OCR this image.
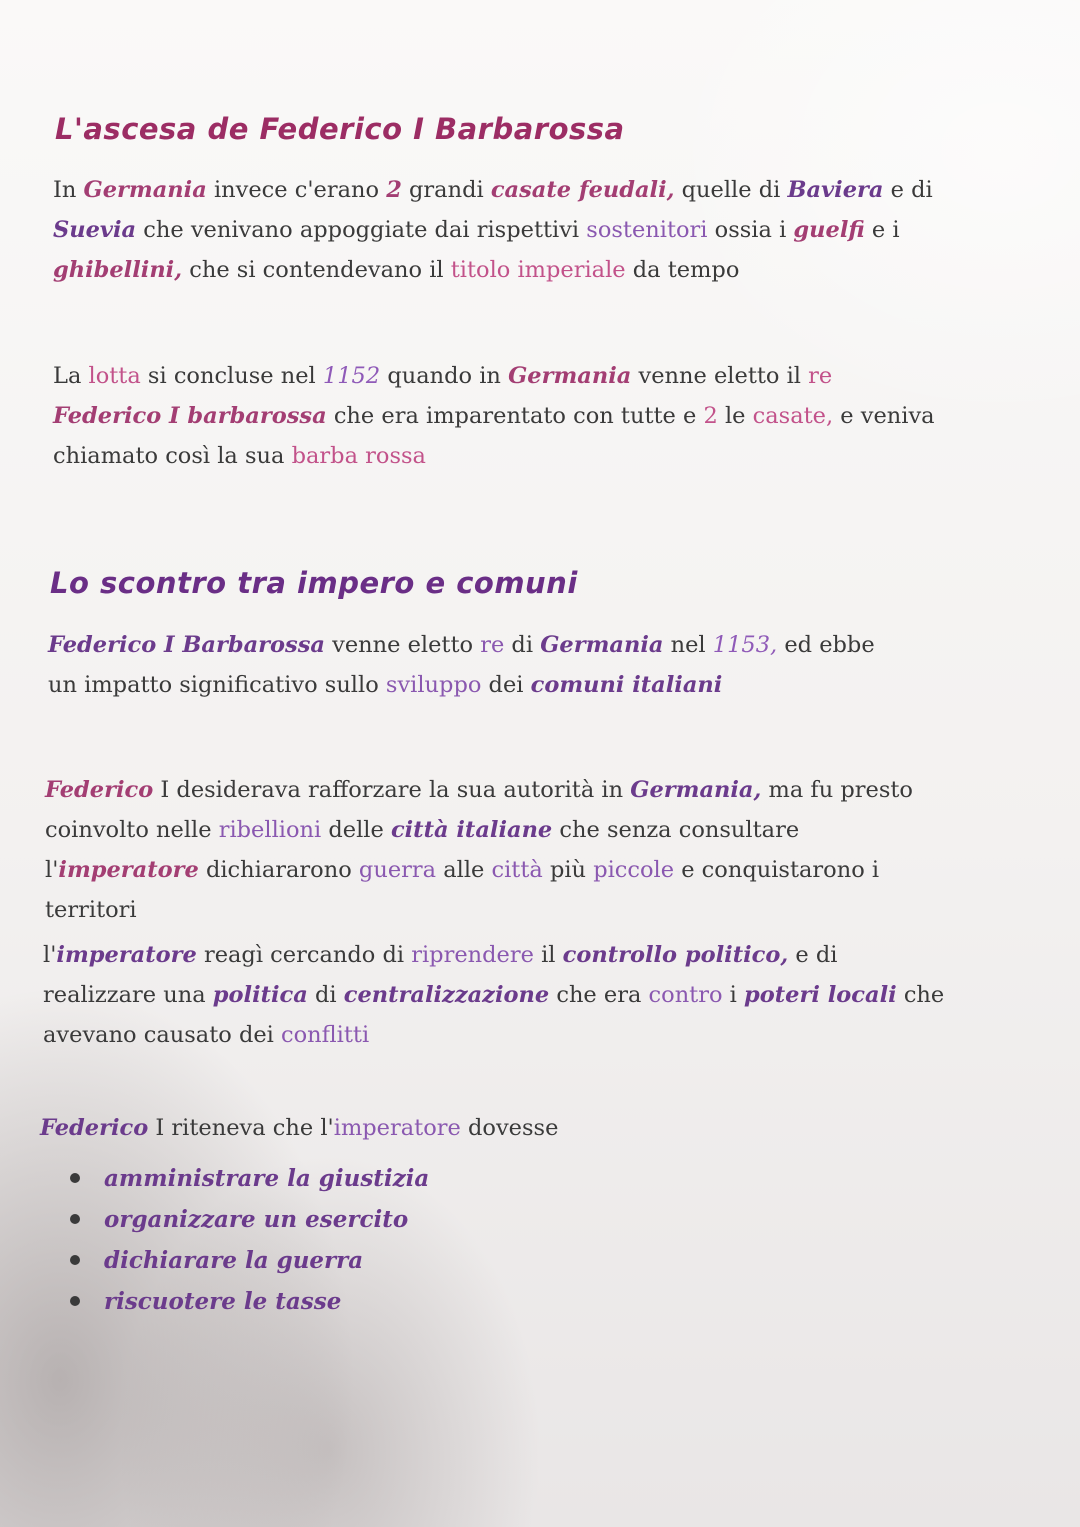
L'ascesa de Federico I Barbarossa

In Germania invece c'erano 2 grandi casate feudali, quelle di Baviera e di Suevia che venivano appoggiate dai rispettivi sostenitori ossia i guelfi e i ghibellini, che si contendevano il titolo imperiale da tempo

La lotta si concluse nel 1152 quando in Germania venne eletto il re Federico I barbarossa che era imparentato con tutte e 2 le casate, e veniva chiamato così la sua barba rossa

Lo scontro tra impero e comuni

Federico I Barbarossa venne eletto re di Germania nel 1153, ed ebbe un impatto significativo sullo sviluppo dei comuni italiani

Federico I desiderava rafforzare la sua autorità in Germania, ma fu presto coinvolto nelle ribellioni delle città italiane che senza consultare l'imperatore dichiararono guerra alle città più piccole e conquistarono i territori

l'imperatore reagì cercando di riprendere il controllo politico, e di realizzare una politica di centralizzazione che era contro i poteri locali che avevano causato dei conflitti

Federico I riteneva che l'imperatore dovesse

amministrare la giustizia
organizzare un esercito
dichiarare la guerra
riscuotere le tasse
